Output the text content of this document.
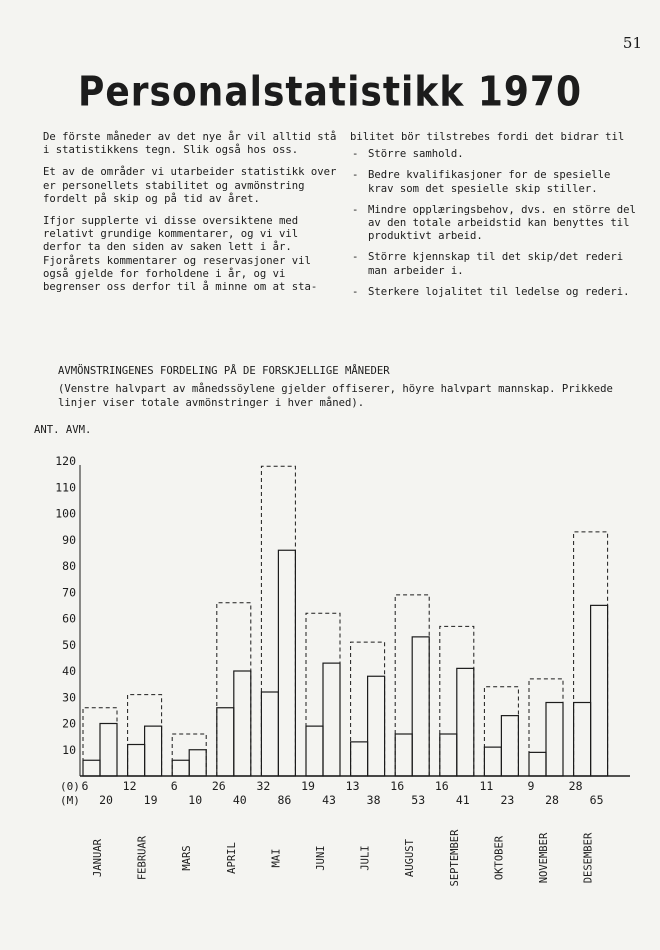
51
Personalstatistikk 1970

De förste måneder av det nye år vil alltid stå i statistikkens tegn. Slik også hos oss.

Et av de områder vi utarbeider statistikk over er personellets stabilitet og avmönstring fordelt på skip og på tid av året.

Ifjor supplerte vi disse oversiktene med relativt grundige kommentarer, og vi vil derfor ta den siden av saken lett i år. Fjorårets kommentarer og reservasjoner vil også gjelde for forholdene i år, og vi begrenser oss derfor til å minne om at sta-

bilitet bör tilstrebes fordi det bidrar til

- Större samhold.
- Bedre kvalifikasjoner for de spesielle krav som det spesielle skip stiller.
- Mindre opplæringsbehov, dvs. en större del av den totale arbeidstid kan benyttes til produktivt arbeid.
- Större kjennskap til det skip/det rederi man arbeider i.
- Sterkere lojalitet til ledelse og rederi.
AVMÖNSTRINGENES FORDELING PÅ DE FORSKJELLIGE MÅNEDER
(Venstre halvpart av månedssöylene gjelder offiserer, höyre halvpart mannskap. Prikkede linjer viser totale avmönstringer i hver måned).
ANT. AVM.
10
20
30
40
50
60
70
80
90
100
110
120
(0)
(M)
6
20
JANUAR
12
19
FEBRUAR
6
10
MARS
26
40
APRIL
32
86
MAI
19
43
JUNI
13
38
JULI
16
53
AUGUST
16
41
SEPTEMBER
11
23
OKTOBER
9
28
NOVEMBER
28
65
DESEMBER
